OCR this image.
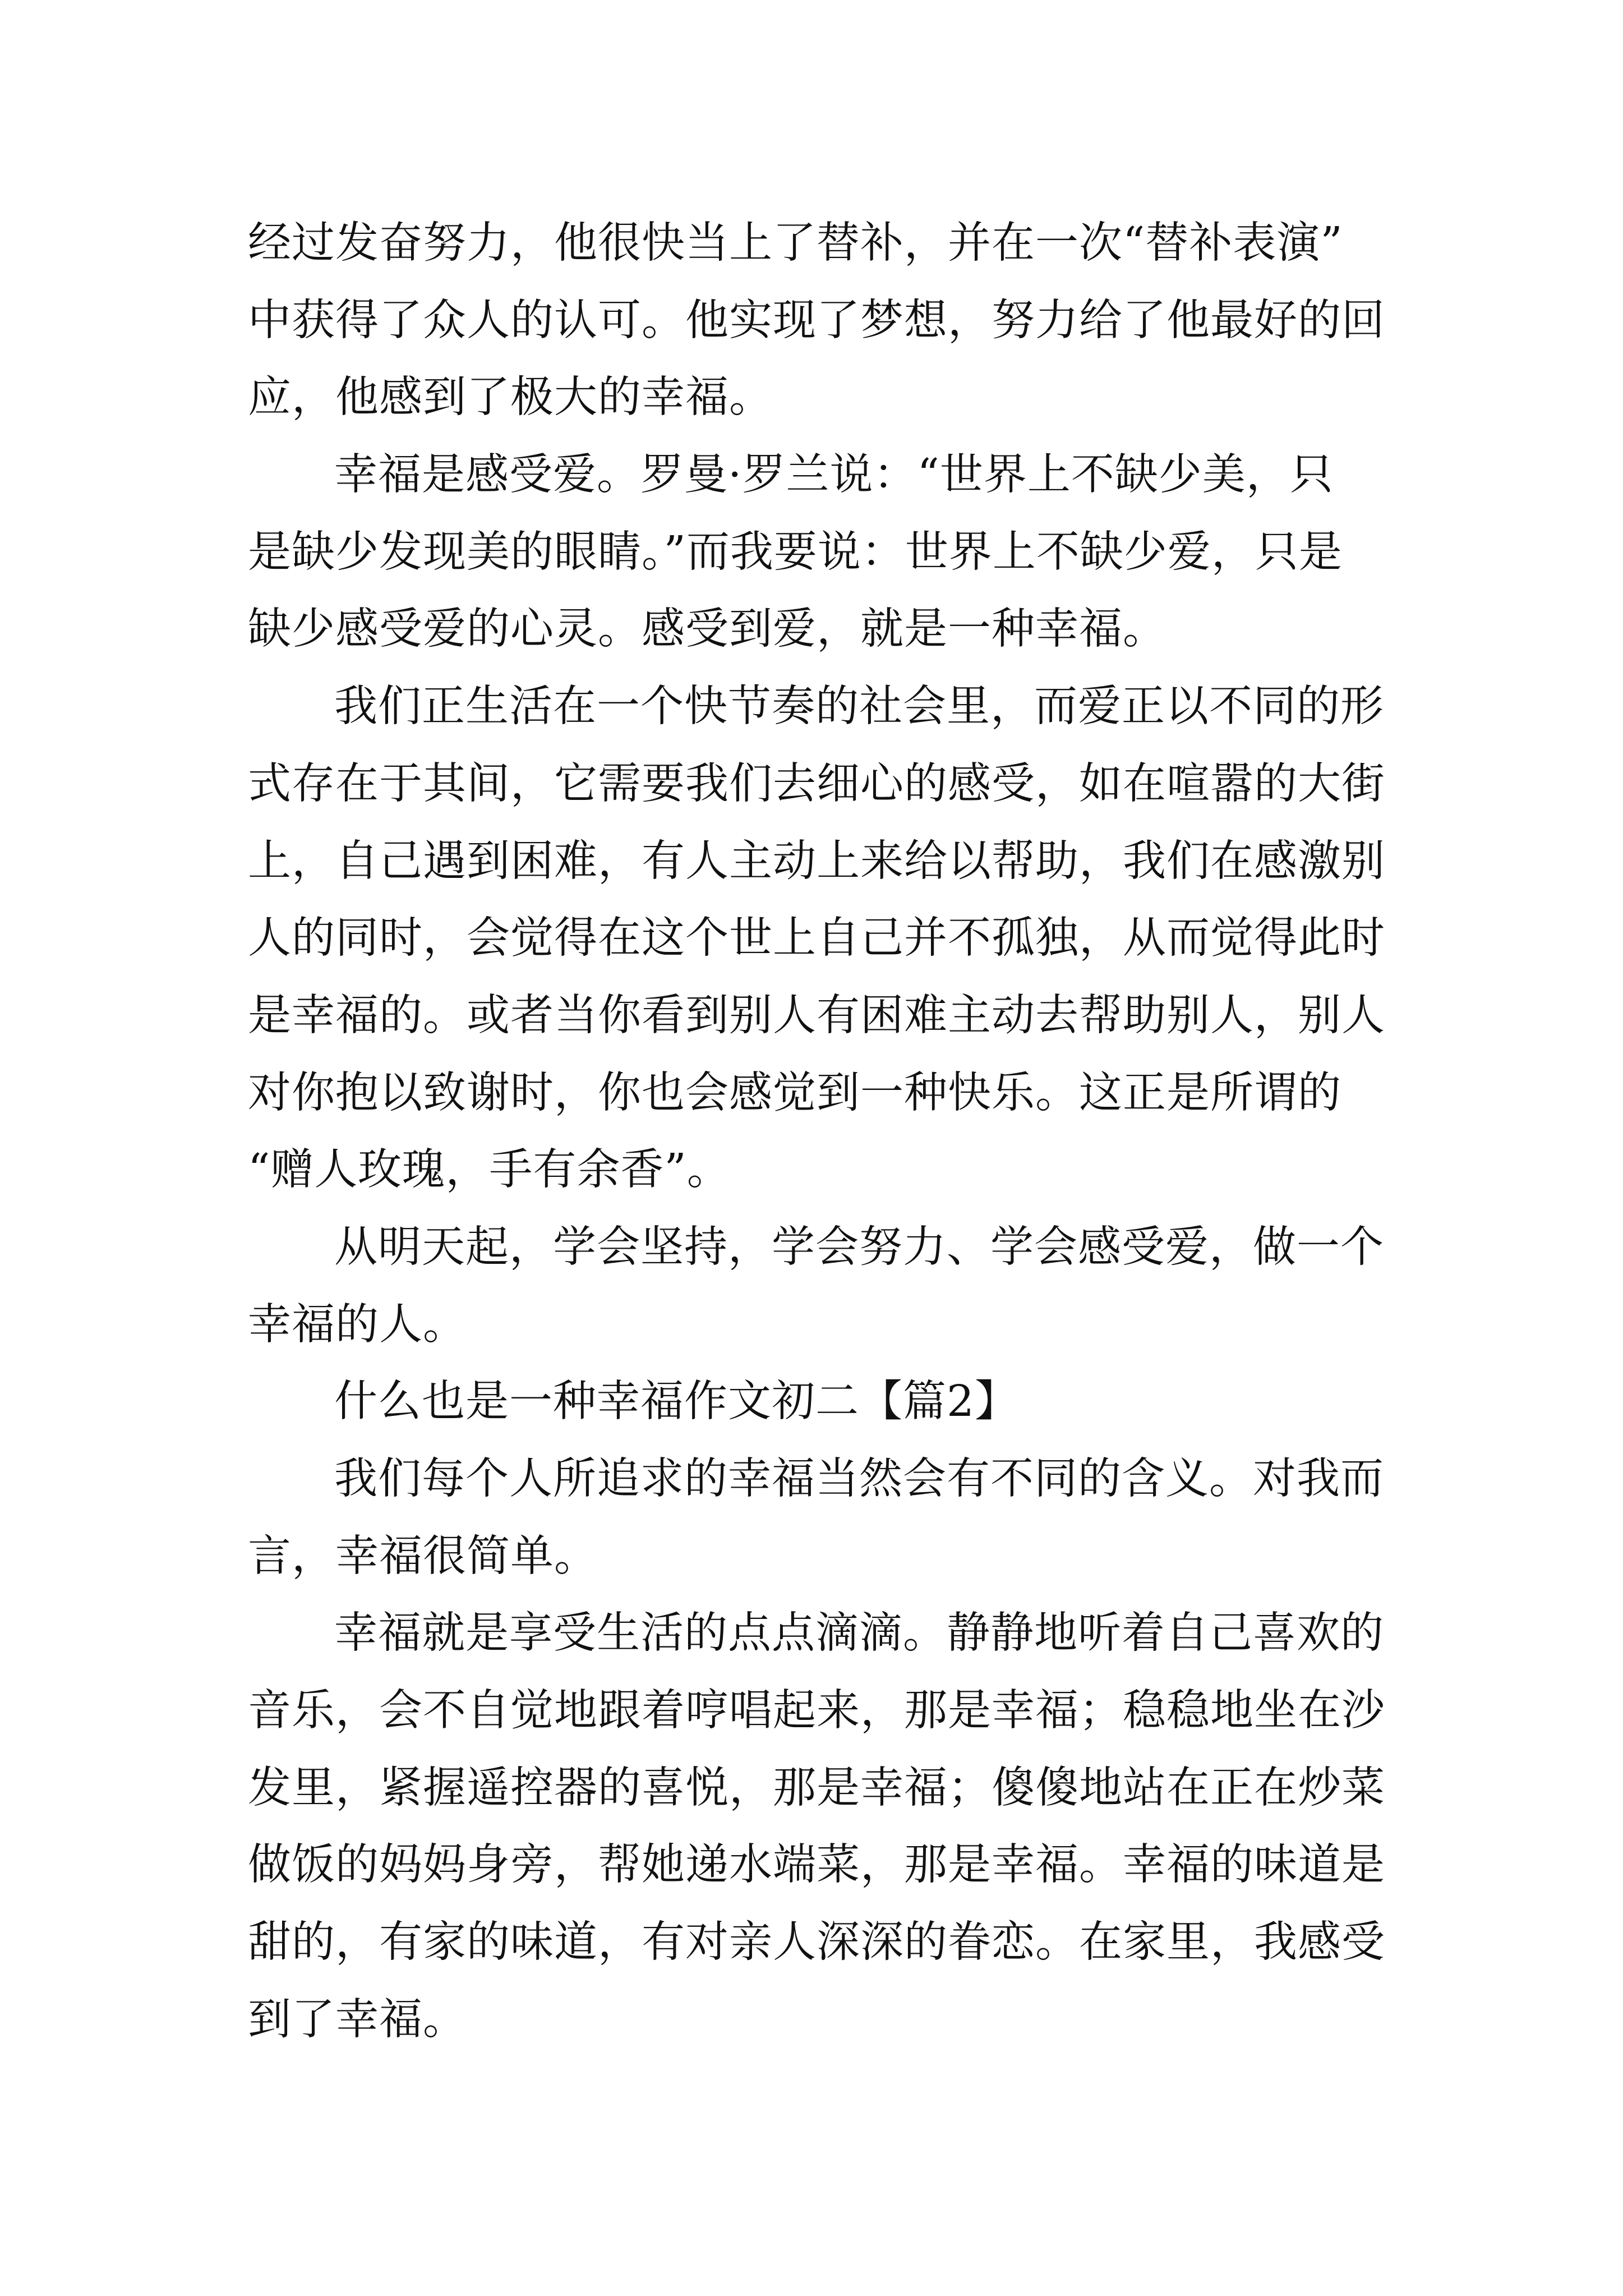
经过发奋努力，他很快当上了替补，并在一次“替补表演”
中获得了众人的认可。他实现了梦想，努力给了他最好的回
应，他感到了极大的幸福。
幸福是感受爱。罗曼·罗兰说：“世界上不缺少美，只
是缺少发现美的眼睛。”而我要说：世界上不缺少爱，只是
缺少感受爱的心灵。感受到爱，就是一种幸福。
我们正生活在一个快节奏的社会里，而爱正以不同的形
式存在于其间，它需要我们去细心的感受，如在喧嚣的大街
上，自己遇到困难，有人主动上来给以帮助，我们在感激别
人的同时，会觉得在这个世上自己并不孤独，从而觉得此时
是幸福的。或者当你看到别人有困难主动去帮助别人，别人
对你抱以致谢时，你也会感觉到一种快乐。这正是所谓的
“赠人玫瑰，手有余香”。
从明天起，学会坚持，学会努力、学会感受爱，做一个
幸福的人。
什么也是一种幸福作文初二【篇2】
我们每个人所追求的幸福当然会有不同的含义。对我而
言，幸福很简单。
幸福就是享受生活的点点滴滴。静静地听着自己喜欢的
音乐，会不自觉地跟着哼唱起来，那是幸福；稳稳地坐在沙
发里，紧握遥控器的喜悦，那是幸福；傻傻地站在正在炒菜
做饭的妈妈身旁，帮她递水端菜，那是幸福。幸福的味道是
甜的，有家的味道，有对亲人深深的眷恋。在家里，我感受
到了幸福。
